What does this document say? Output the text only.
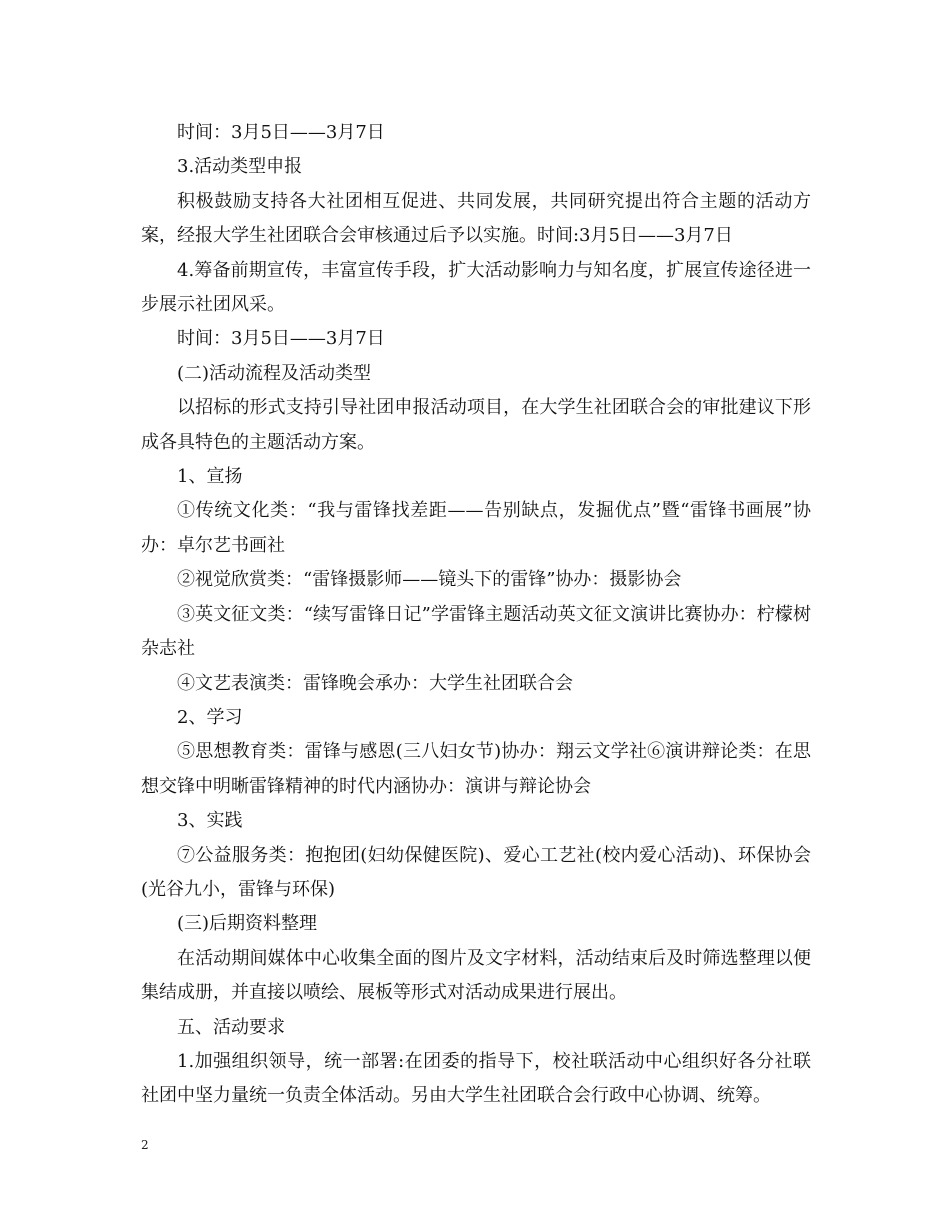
时间：3月5日——3月7日

3.活动类型申报

积极鼓励支持各大社团相互促进、共同发展，共同研究提出符合主题的活动方案，经报大学生社团联合会审核通过后予以实施。时间:3月5日——3月7日

4.筹备前期宣传，丰富宣传手段，扩大活动影响力与知名度，扩展宣传途径进一步展示社团风采。

时间：3月5日——3月7日

(二)活动流程及活动类型

以招标的形式支持引导社团申报活动项目，在大学生社团联合会的审批建议下形成各具特色的主题活动方案。

1、宣扬

①传统文化类：“我与雷锋找差距——告别缺点，发掘优点”暨“雷锋书画展”协办：卓尔艺书画社

②视觉欣赏类：“雷锋摄影师——镜头下的雷锋”协办：摄影协会

③英文征文类：“续写雷锋日记”学雷锋主题活动英文征文演讲比赛协办：柠檬树杂志社

④文艺表演类：雷锋晚会承办：大学生社团联合会

2、学习

⑤思想教育类：雷锋与感恩(三八妇女节)协办：翔云文学社⑥演讲辩论类：在思想交锋中明晰雷锋精神的时代内涵协办：演讲与辩论协会

3、实践

⑦公益服务类：抱抱团(妇幼保健医院)、爱心工艺社(校内爱心活动)、环保协会(光谷九小，雷锋与环保)

(三)后期资料整理

在活动期间媒体中心收集全面的图片及文字材料，活动结束后及时筛选整理以便集结成册，并直接以喷绘、展板等形式对活动成果进行展出。

五、活动要求

1.加强组织领导，统一部署:在团委的指导下，校社联活动中心组织好各分社联社团中坚力量统一负责全体活动。另由大学生社团联合会行政中心协调、统筹。

2
